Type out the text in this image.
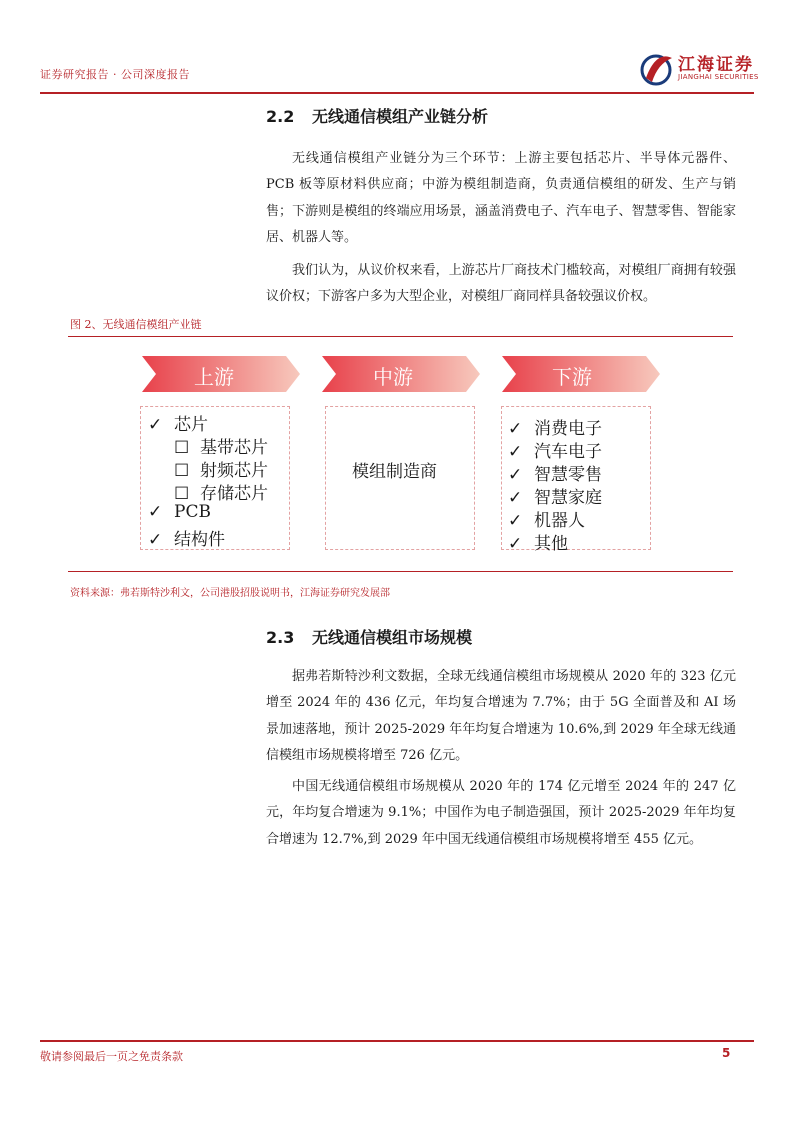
证券研究报告 · 公司深度报告	江海证券
JIANGHAI SECURITIES
2.2 无线通信模组产业链分析
无线通信模组产业链分为三个环节：上游主要包括芯片、半导体元器件、PCB 板等原材料供应商；中游为模组制造商，负责通信模组的研发、生产与销售；下游则是模组的终端应用场景，涵盖消费电子、汽车电子、智慧零售、智能家居、机器人等。
我们认为，从议价权来看，上游芯片厂商技术门槛较高，对模组厂商拥有较强议价权；下游客户多为大型企业，对模组厂商同样具备较强议价权。
图 2、无线通信模组产业链
上游	中游	下游
✓ 芯片
☐ 基带芯片
☐ 射频芯片
☐ 存储芯片
✓ PCB
✓ 结构件
模组制造商
✓ 消费电子
✓ 汽车电子
✓ 智慧零售
✓ 智慧家庭
✓ 机器人
✓ 其他
资料来源：弗若斯特沙利文，公司港股招股说明书，江海证券研究发展部
2.3 无线通信模组市场规模
据弗若斯特沙利文数据，全球无线通信模组市场规模从 2020 年的 323 亿元增至 2024 年的 436 亿元，年均复合增速为 7.7%；由于 5G 全面普及和 AI 场景加速落地，预计 2025-2029 年年均复合增速为 10.6%,到 2029 年全球无线通信模组市场规模将增至 726 亿元。
中国无线通信模组市场规模从 2020 年的 174 亿元增至 2024 年的 247 亿元，年均复合增速为 9.1%；中国作为电子制造强国，预计 2025-2029 年年均复合增速为 12.7%,到 2029 年中国无线通信模组市场规模将增至 455 亿元。
敬请参阅最后一页之免责条款	5
